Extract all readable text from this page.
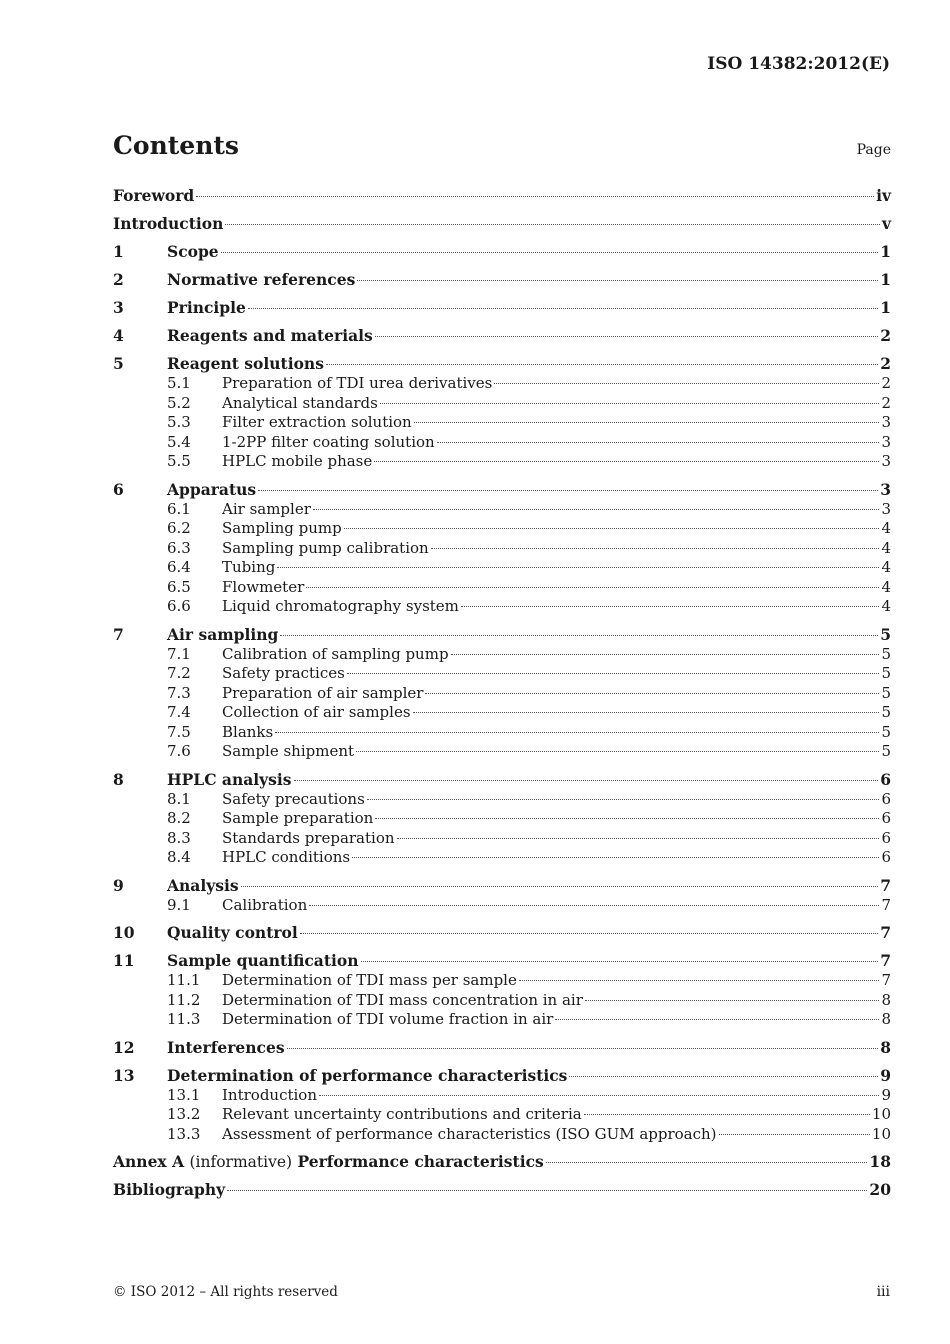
ISO 14382:2012(E)
Contents	Page
Foreword	iv
Introduction	v
1	Scope	1
2	Normative references	1
3	Principle	1
4	Reagents and materials	2
5	Reagent solutions	2
5.1	Preparation of TDI urea derivatives	2
5.2	Analytical standards	2
5.3	Filter extraction solution	3
5.4	1-2PP filter coating solution	3
5.5	HPLC mobile phase	3
6	Apparatus	3
6.1	Air sampler	3
6.2	Sampling pump	4
6.3	Sampling pump calibration	4
6.4	Tubing	4
6.5	Flowmeter	4
6.6	Liquid chromatography system	4
7	Air sampling	5
7.1	Calibration of sampling pump	5
7.2	Safety practices	5
7.3	Preparation of air sampler	5
7.4	Collection of air samples	5
7.5	Blanks	5
7.6	Sample shipment	5
8	HPLC analysis	6
8.1	Safety precautions	6
8.2	Sample preparation	6
8.3	Standards preparation	6
8.4	HPLC conditions	6
9	Analysis	7
9.1	Calibration	7
10	Quality control	7
11	Sample quantification	7
11.1	Determination of TDI mass per sample	7
11.2	Determination of TDI mass concentration in air	8
11.3	Determination of TDI volume fraction in air	8
12	Interferences	8
13	Determination of performance characteristics	9
13.1	Introduction	9
13.2	Relevant uncertainty contributions and criteria	10
13.3	Assessment of performance characteristics (ISO GUM approach)	10
Annex A (informative) Performance characteristics	18
Bibliography	20
© ISO 2012 – All rights reserved	iii
